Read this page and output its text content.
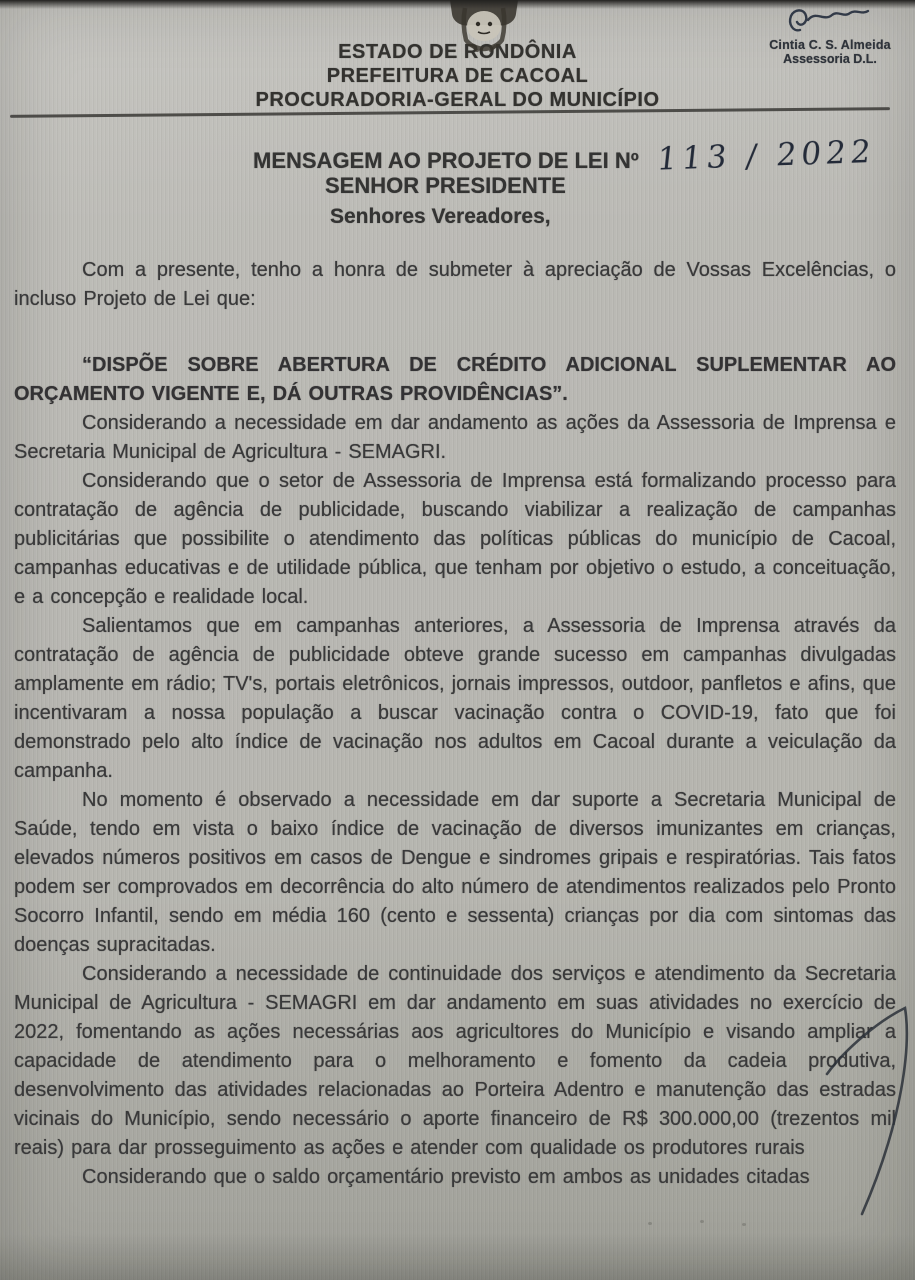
ESTADO DE RONDÔNIA
PREFEITURA DE CACOAL
PROCURADORIA-GERAL DO MUNICÍPIO
Cintia C. S. Almeida
Assessoria D.L.
MENSAGEM AO PROJETO DE LEI Nº 113 / 2022
SENHOR PRESIDENTE
Senhores Vereadores,

Com a presente, tenho a honra de submeter à apreciação de Vossas Excelências, o incluso Projeto de Lei que:

“DISPÕE SOBRE ABERTURA DE CRÉDITO ADICIONAL SUPLEMENTAR AO ORÇAMENTO VIGENTE E, DÁ OUTRAS PROVIDÊNCIAS”.

Considerando a necessidade em dar andamento as ações da Assessoria de Imprensa e Secretaria Municipal de Agricultura - SEMAGRI.

Considerando que o setor de Assessoria de Imprensa está formalizando processo para contratação de agência de publicidade, buscando viabilizar a realização de campanhas publicitárias que possibilite o atendimento das políticas públicas do município de Cacoal, campanhas educativas e de utilidade pública, que tenham por objetivo o estudo, a conceituação, e a concepção e realidade local.

Salientamos que em campanhas anteriores, a Assessoria de Imprensa através da contratação de agência de publicidade obteve grande sucesso em campanhas divulgadas amplamente em rádio; TV's, portais eletrônicos, jornais impressos, outdoor, panfletos e afins, que incentivaram a nossa população a buscar vacinação contra o COVID-19, fato que foi demonstrado pelo alto índice de vacinação nos adultos em Cacoal durante a veiculação da campanha.

No momento é observado a necessidade em dar suporte a Secretaria Municipal de Saúde, tendo em vista o baixo índice de vacinação de diversos imunizantes em crianças, elevados números positivos em casos de Dengue e sindromes gripais e respiratórias. Tais fatos podem ser comprovados em decorrência do alto número de atendimentos realizados pelo Pronto Socorro Infantil, sendo em média 160 (cento e sessenta) crianças por dia com sintomas das doenças supracitadas.

Considerando a necessidade de continuidade dos serviços e atendimento da Secretaria Municipal de Agricultura - SEMAGRI em dar andamento em suas atividades no exercício de 2022, fomentando as ações necessárias aos agricultores do Município e visando ampliar a capacidade de atendimento para o melhoramento e fomento da cadeia produtiva, desenvolvimento das atividades relacionadas ao Porteira Adentro e manutenção das estradas vicinais do Município, sendo necessário o aporte financeiro de R$ 300.000,00 (trezentos mil reais) para dar prosseguimento as ações e atender com qualidade os produtores rurais

Considerando que o saldo orçamentário previsto em ambos as unidades citadas
